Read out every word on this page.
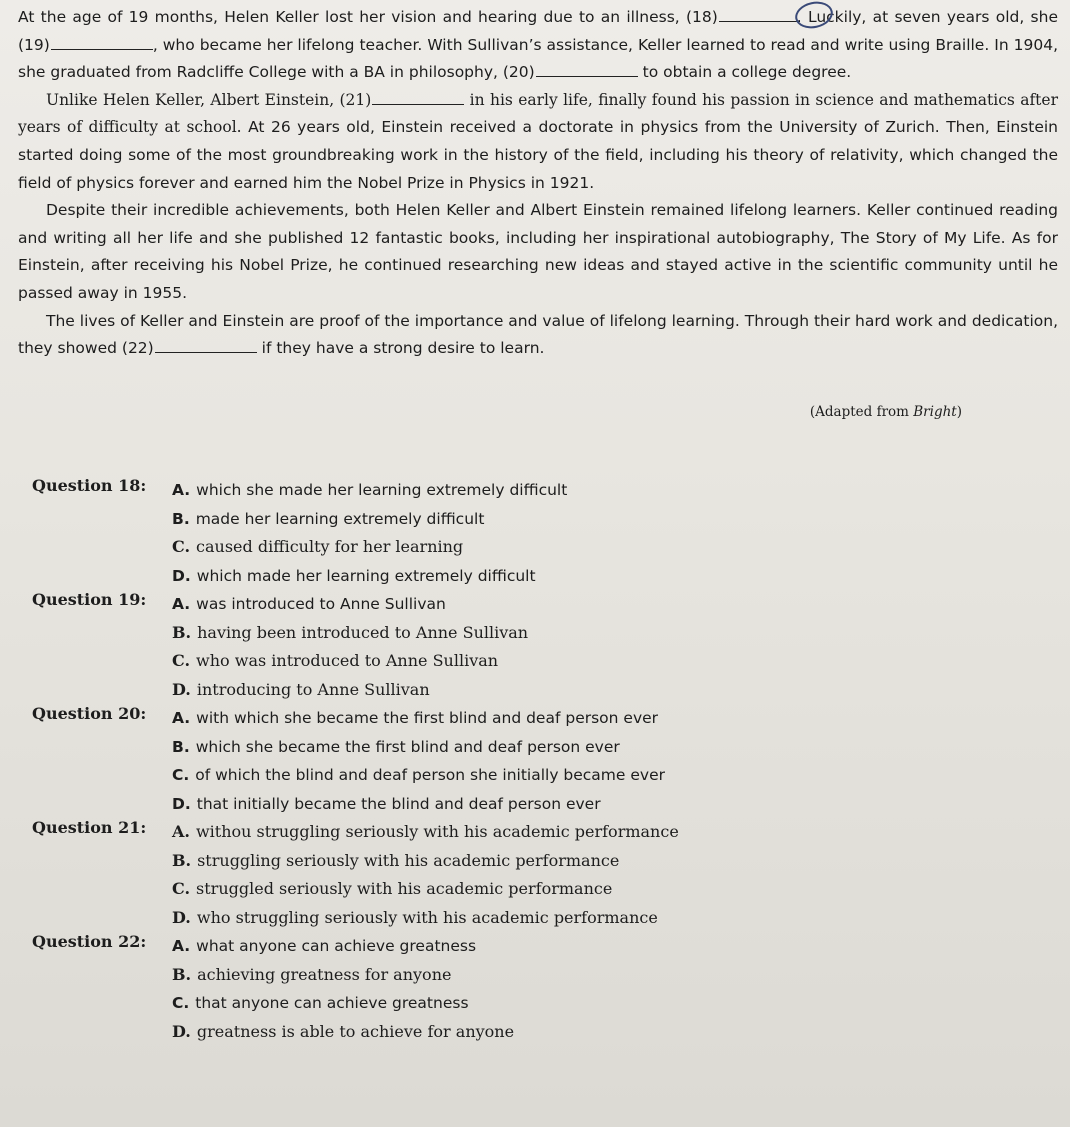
At the age of 19 months, Helen Keller lost her vision and hearing due to an illness, (18)	. Luckily, at seven years old, she (19)	, who became her lifelong teacher. With Sullivan’s assistance, Keller learned to read and write using Braille. In 1904, she graduated from Radcliffe College with a BA in philosophy, (20)	to obtain a college degree.

Unlike Helen Keller, Albert Einstein, (21)	in his early life, finally found his passion in science and mathematics after years of difficulty at school. At 26 years old, Einstein received a doctorate in physics from the University of Zurich. Then, Einstein started doing some of the most groundbreaking work in the history of the field, including his theory of relativity, which changed the field of physics forever and earned him the Nobel Prize in Physics in 1921.

Despite their incredible achievements, both Helen Keller and Albert Einstein remained lifelong learners. Keller continued reading and writing all her life and she published 12 fantastic books, including her inspirational autobiography, The Story of My Life. As for Einstein, after receiving his Nobel Prize, he continued researching new ideas and stayed active in the scientific community until he passed away in 1955.

The lives of Keller and Einstein are proof of the importance and value of lifelong learning. Through their hard work and dedication, they showed (22)	if they have a strong desire to learn.

(Adapted from Bright)
Question 18:	A. which she made her learning extremely difficult
B. made her learning extremely difficult
C. caused difficulty for her learning
D. which made her learning extremely difficult
Question 19:	A. was introduced to Anne Sullivan
B. having been introduced to Anne Sullivan
C. who was introduced to Anne Sullivan
D. introducing to Anne Sullivan
Question 20:	A. with which she became the first blind and deaf person ever
B. which she became the first blind and deaf person ever
C. of which the blind and deaf person she initially became ever
D. that initially became the blind and deaf person ever
Question 21:	A. withou struggling seriously with his academic performance
B. struggling seriously with his academic performance
C. struggled seriously with his academic performance
D. who struggling seriously with his academic performance
Question 22:	A. what anyone can achieve greatness
B. achieving greatness for anyone
C. that anyone can achieve greatness
D. greatness is able to achieve for anyone
